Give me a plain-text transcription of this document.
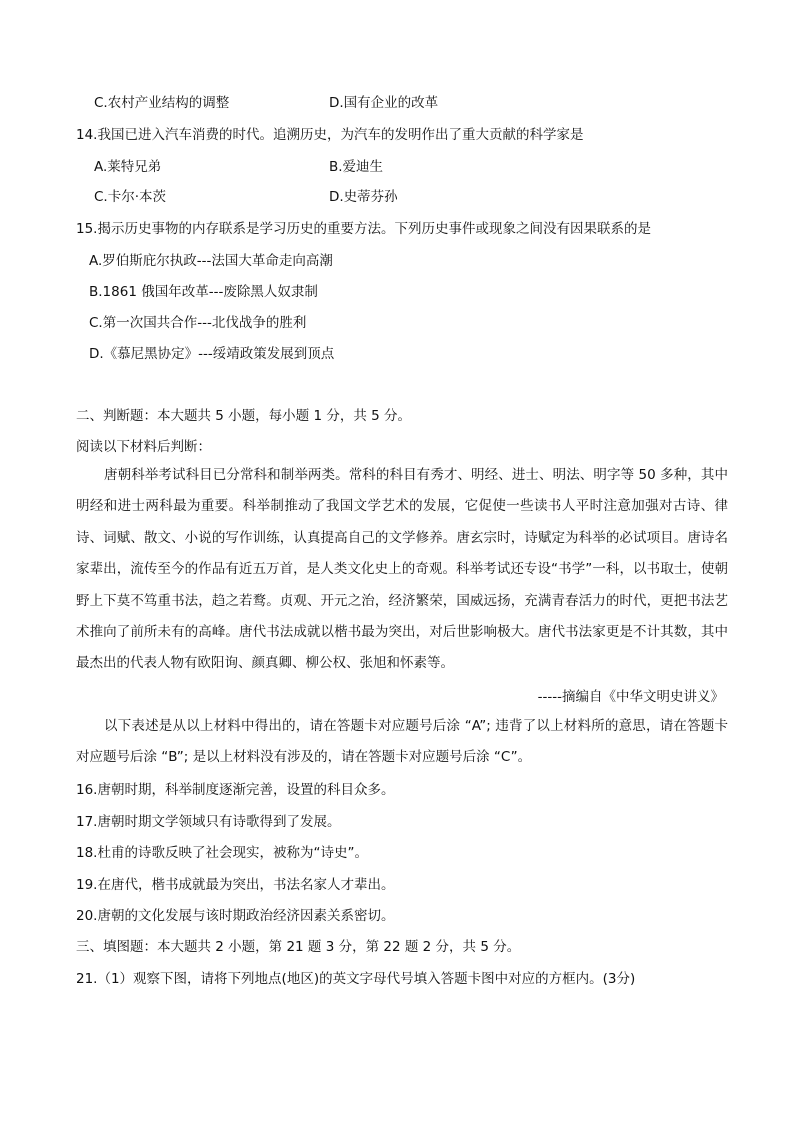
C.农村产业结构的调整	D.国有企业的改革
14.我国已进入汽车消费的时代。追溯历史，为汽车的发明作出了重大贡献的科学家是
A.莱特兄弟	B.爱迪生
C.卡尔·本茨	D.史蒂芬孙
15.揭示历史事物的内存联系是学习历史的重要方法。下列历史事件或现象之间没有因果联系的是
A.罗伯斯庇尔执政---法国大革命走向高潮
B.1861 俄国年改革---废除黑人奴隶制
C.第一次国共合作---北伐战争的胜利
D.《慕尼黑协定》---绥靖政策发展到顶点
二、判断题：本大题共 5 小题，每小题 1 分，共 5 分。
阅读以下材料后判断：
唐朝科举考试科目已分常科和制举两类。常科的科目有秀才、明经、进士、明法、明字等 50 多种，其中明经和进士两科最为重要。科举制推动了我国文学艺术的发展，它促使一些读书人平时注意加强对古诗、律诗、词赋、散文、小说的写作训练，认真提高自己的文学修养。唐玄宗时，诗赋定为科举的必试项目。唐诗名家辈出，流传至今的作品有近五万首，是人类文化史上的奇观。科举考试还专设“书学”一科，以书取士，使朝野上下莫不笃重书法，趋之若鹜。贞观、开元之治，经济繁荣，国威远扬，充满青春活力的时代，更把书法艺术推向了前所未有的高峰。唐代书法成就以楷书最为突出，对后世影响极大。唐代书法家更是不计其数，其中最杰出的代表人物有欧阳询、颜真卿、柳公权、张旭和怀素等。
-----摘编自《中华文明史讲义》
以下表述是从以上材料中得出的，请在答题卡对应题号后涂 “A”; 违背了以上材料所的意思，请在答题卡对应题号后涂 “B”; 是以上材料没有涉及的，请在答题卡对应题号后涂 “C”。
16.唐朝时期，科举制度逐渐完善，设置的科目众多。
17.唐朝时期文学领域只有诗歌得到了发展。
18.杜甫的诗歌反映了社会现实，被称为“诗史”。
19.在唐代，楷书成就最为突出，书法名家人才辈出。
20.唐朝的文化发展与该时期政治经济因素关系密切。
三、填图题：本大题共 2 小题，第 21 题 3 分，第 22 题 2 分，共 5 分。
21.（1）观察下图，请将下列地点(地区)的英文字母代号填入答题卡图中对应的方框内。(3分)
